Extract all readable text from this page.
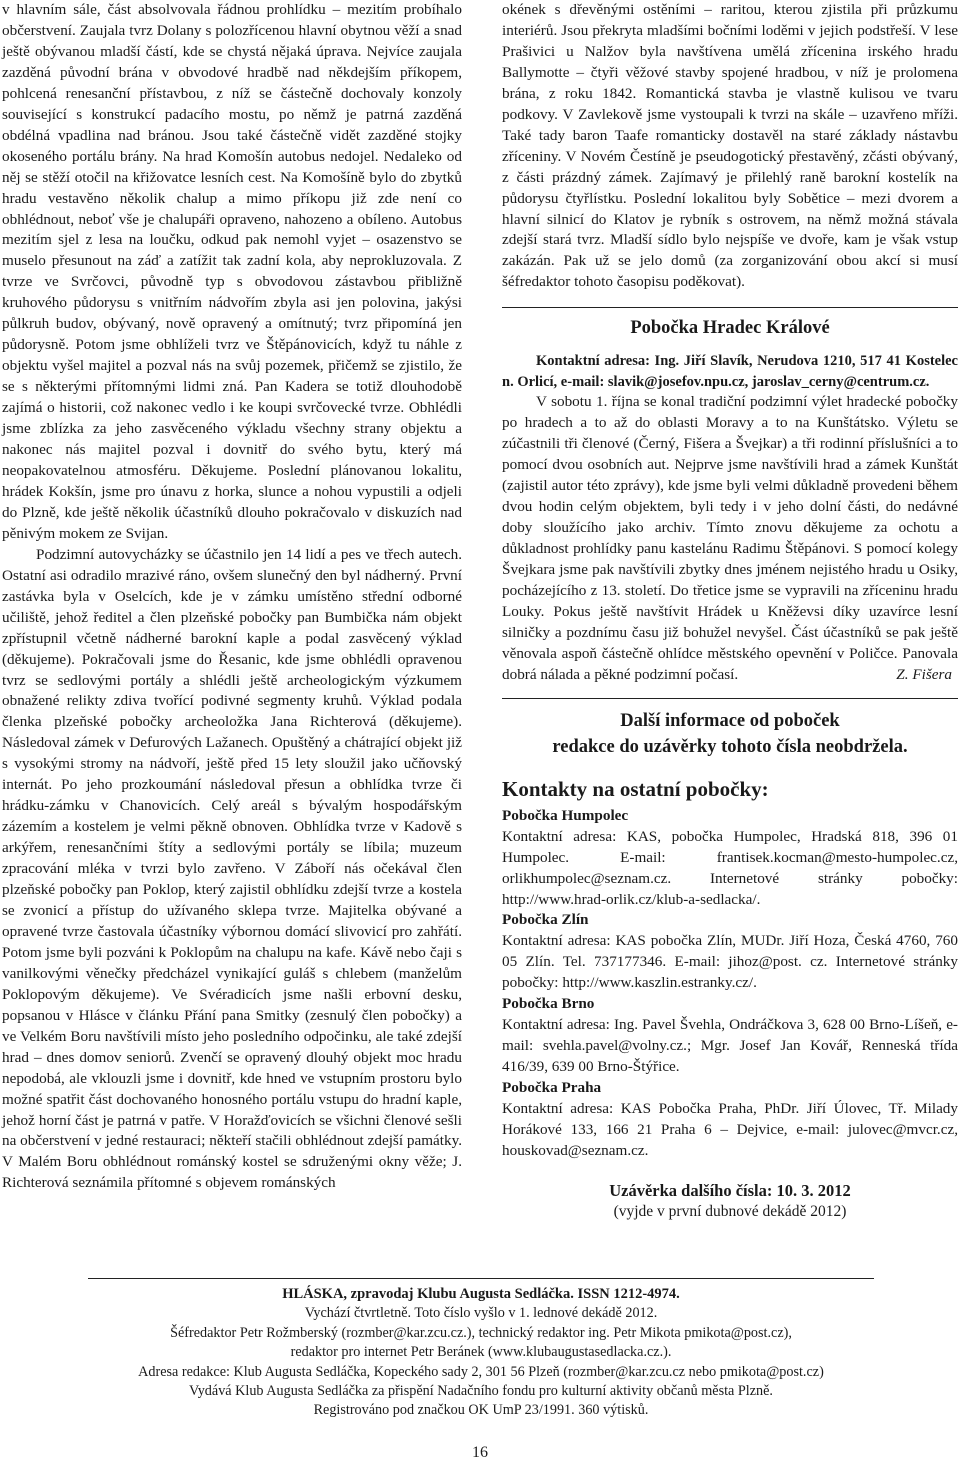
v hlavním sále, část absolvovala řádnou prohlídku – mezitím probíhalo občerstvení. Zaujala tvrz Dolany s polozřícenou hlavní obytnou věží a snad ještě obývanou mladší částí, kde se chystá nějaká úprava. Nejvíce zaujala zazděná původní brána v obvodové hradbě nad někdejším příkopem, pohlcená renesanční přístavbou, z níž se částečně dochovaly konzoly související s konstrukcí padacího mostu, po němž je patrná zazděná obdélná vpadlina nad bránou. Jsou také částečně vidět zazděné stojky okoseného portálu brány. Na hrad Komošín autobus nedojel. Nedaleko od něj se stěží otočil na křižovatce lesních cest. Na Komošíně bylo do zbytků hradu vestavěno několik chalup a mimo příkopu již zde není co obhlédnout, neboť vše je chalupáři opraveno, nahozeno a obíleno. Autobus mezitím sjel z lesa na loučku, odkud pak nemohl vyjet – osazenstvo se muselo přesunout na záď a zatížit tak zadní kola, aby neprokluzovala. Z tvrze ve Svrčovci, původně typ s obvodovou zástavbou přibližně kruhového půdorysu s vnitřním nádvořím zbyla asi jen polovina, jakýsi půlkruh budov, obývaný, nově opravený a omítnutý; tvrz připomíná jen půdorysně. Potom jsme obhlíželi tvrz ve Štěpánovicích, když tu náhle z objektu vyšel majitel a pozval nás na svůj pozemek, přičemž se zjistilo, že se s některými přítomnými lidmi zná. Pan Kadera se totiž dlouhodobě zajímá o historii, což nakonec vedlo i ke koupi svrčovecké tvrze. Obhlédli jsme zblízka za jeho zasvěceného výkladu všechny strany objektu a nakonec nás majitel pozval i dovnitř do svého bytu, který má neopakovatelnou atmosféru. Děkujeme. Poslední plánovanou lokalitu, hrádek Kokšín, jsme pro únavu z horka, slunce a nohou vypustili a odjeli do Plzně, kde ještě několik účastníků dlouho pokračovalo v diskuzích nad pěnivým mokem ze Svijan.

Podzimní autovycházky se účastnilo jen 14 lidí a pes ve třech autech. Ostatní asi odradilo mrazivé ráno, ovšem slunečný den byl nádherný. První zastávka byla v Oselcích, kde je v zámku umístěno střední odborné učiliště, jehož ředitel a člen plzeňské pobočky pan Bumbička nám objekt zpřístupnil včetně nádherné barokní kaple a podal zasvěcený výklad (děkujeme). Pokračovali jsme do Řesanic, kde jsme obhlédli opravenou tvrz se sedlovými portály a shlédli ještě archeologickým výzkumem obnažené relikty zdiva tvořící podivné segmenty kruhů. Výklad podala členka plzeňské pobočky archeoložka Jana Richterová (děkujeme). Následoval zámek v Defurových Lažanech. Opuštěný a chátrající objekt již s vysokými stromy na nádvoří, ještě před 15 lety sloužil jako učňovský internát. Po jeho prozkoumání následoval přesun a obhlídka tvrze či hrádku-zámku v Chanovicích. Celý areál s bývalým hospodářským zázemím a kostelem je velmi pěkně obnoven. Obhlídka tvrze v Kadově s arkýřem, renesančními štíty a sedlovými portály se líbila; muzeum zpracování mléka v tvrzi bylo zavřeno. V Záboří nás očekával člen plzeňské pobočky pan Poklop, který zajistil obhlídku zdejší tvrze a kostela se zvonicí a přístup do užívaného sklepa tvrze. Majitelka obývané a opravené tvrze častovala účastníky výbornou domácí slivovicí pro zahřátí. Potom jsme byli pozváni k Poklopům na chalupu na kafe. Kávě nebo čaji s vanilkovými věnečky předcházel vynikající guláš s chlebem (manželům Poklopovým děkujeme). Ve Svéradicích jsme našli erbovní desku, popsanou v Hlásce v článku Přání pana Smitky (zesnulý člen pobočky) a ve Velkém Boru navštívili místo jeho posledního odpočinku, ale také zdejší hrad – dnes domov seniorů. Zvenčí se opravený dlouhý objekt moc hradu nepodobá, ale vklouzli jsme i dovnitř, kde hned ve vstupním prostoru bylo možné spatřit část dochovaného honosného portálu vstupu do hradní kaple, jehož horní část je patrná v patře. V Horažďovicích se všichni členové sešli na občerstvení v jedné restauraci; někteří stačili obhlédnout zdejší památky. V Malém Boru obhlédnout románský kostel se sdruženými okny věže; J. Richterová seznámila přítomné s objevem románských

okének s dřevěnými ostěními – raritou, kterou zjistila při průzkumu interiérů. Jsou překryta mladšími bočními loděmi v jejich podstřeší. V lese Prašivici u Nalžov byla navštívena umělá zřícenina irského hradu Ballymotte – čtyři věžové stavby spojené hradbou, v níž je prolomena brána, z roku 1842. Romantická stavba je vlastně kulisou ve tvaru podkovy. V Zavlekově jsme vystoupali k tvrzi na skále – uzavřeno mříži. Také tady baron Taafe romanticky dostavěl na staré základy nástavbu zříceniny. V Novém Čestíně je pseudogotický přestavěný, zčásti obývaný, z části prázdný zámek. Zajímavý je přilehlý raně barokní kostelík na půdorysu čtyřlístku. Poslední lokalitou byly Sobětice – mezi dvorem a hlavní silnicí do Klatov je rybník s ostrovem, na němž možná stávala zdejší stará tvrz. Mladší sídlo bylo nejspíše ve dvoře, kam je však vstup zakázán. Pak už se jelo domů (za zorganizování obou akcí si musí šéfredaktor tohoto časopisu poděkovat).

Pobočka Hradec Králové

Kontaktní adresa: Ing. Jiří Slavík, Nerudova 1210, 517 41 Kostelec n. Orlicí, e-mail: slavik@josefov.npu.cz, jaroslav_cerny@centrum.cz.

V sobotu 1. října se konal tradiční podzimní výlet hradecké pobočky po hradech a to až do oblasti Moravy a to na Kunštátsko. Výletu se zúčastnili tři členové (Černý, Fišera a Švejkar) a tři rodinní příslušníci a to pomocí dvou osobních aut. Nejprve jsme navštívili hrad a zámek Kunštát (zajistil autor této zprávy), kde jsme byli velmi důkladně provedeni během dvou hodin celým objektem, byli tedy i v jeho dolní části, do nedávné doby sloužícího jako archiv. Tímto znovu děkujeme za ochotu a důkladnost prohlídky panu kastelánu Radimu Štěpánovi. S pomocí kolegy Švejkara jsme pak navštívili zbytky dnes jménem nejistého hradu u Osiky, pocházejícího z 13. století. Do třetice jsme se vypravili na zříceninu hradu Louky. Pokus ještě navštívit Hrádek u Kněževsi díky uzavírce lesní silničky a pozdnímu času již bohužel nevyšel. Část účastníků se pak ještě věnovala aspoň částečně ohlídce městského opevnění v Poličce. Panovala dobrá nálada a pěkné podzimní počasí.	Z. Fišera

Další informace od poboček
redakce do uzávěrky tohoto čísla neobdržela.
Kontakty na ostatní pobočky:

Pobočka Humpolec

Kontaktní adresa: KAS, pobočka Humpolec, Hradská 818, 396 01 Humpolec. E-mail: frantisek.kocman@mesto-humpolec.cz, orlikhumpolec@seznam.cz. Internetové stránky pobočky: http://www.hrad-orlik.cz/klub-a-sedlacka/.

Pobočka Zlín

Kontaktní adresa: KAS pobočka Zlín, MUDr. Jiří Hoza, Česká 4760, 760 05 Zlín. Tel. 737177346. E-mail: jihoz@post. cz. Internetové stránky pobočky: http://www.kaszlin.estranky.cz/.

Pobočka Brno

Kontaktní adresa: Ing. Pavel Švehla, Ondráčkova 3, 628 00 Brno-Líšeň, e-mail: svehla.pavel@volny.cz.; Mgr. Josef Jan Kovář, Renneská třída 416/39, 639 00 Brno-Štýřice.

Pobočka Praha

Kontaktní adresa: KAS Pobočka Praha, PhDr. Jiří Úlovec, Tř. Milady Horákové 133, 166 21 Praha 6 – Dejvice, e-mail: julovec@mvcr.cz, houskovad@seznam.cz.

Uzávěrka dalšího čísla: 10. 3. 2012
(vyjde v první dubnové dekádě 2012)
HLÁSKA, zpravodaj Klubu Augusta Sedláčka. ISSN 1212-4974.
Vychází čtvrtletně. Toto číslo vyšlo v 1. lednové dekádě 2012.
Šéfredaktor Petr Rožmberský (rozmber@kar.zcu.cz.), technický redaktor ing. Petr Mikota pmikota@post.cz),
redaktor pro internet Petr Beránek (www.klubaugustasedlacka.cz.).
Adresa redakce: Klub Augusta Sedláčka, Kopeckého sady 2, 301 56 Plzeň (rozmber@kar.zcu.cz nebo pmikota@post.cz)
Vydává Klub Augusta Sedláčka za přispění Nadačního fondu pro kulturní aktivity občanů města Plzně.
Registrováno pod značkou OK UmP 23/1991. 360 výtisků.
16
